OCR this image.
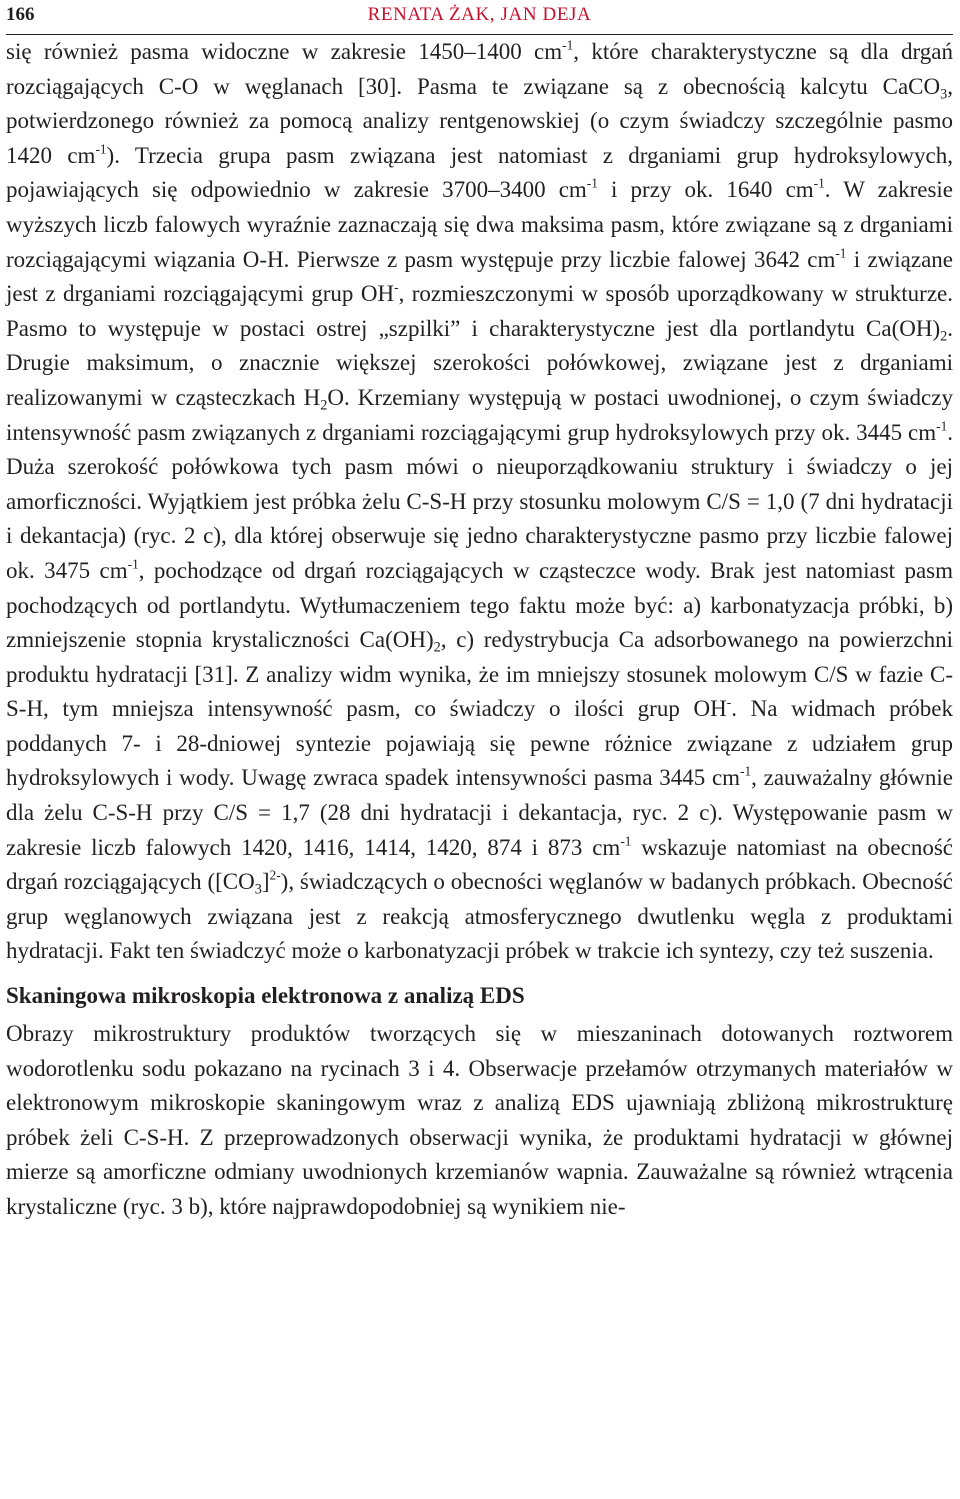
166	RENATA ŻAK, JAN DEJA

się również pasma widoczne w zakresie 1450–1400 $cm^{-1}$, które charakterystyczne są dla drgań rozciągających C-O w węglanach [30]. Pasma te związane są z obecnością kalcytu CaCO$_3$, potwierdzonego również za pomocą analizy rentgenowskiej (o czym świadczy szczególnie pasmo 1420 $cm^{-1}$). Trzecia grupa pasm związana jest natomiast z drganiami grup hydroksylowych, pojawiających się odpowiednio w zakresie 3700–3400 $cm^{-1}$ i przy ok. 1640 $cm^{-1}$. W zakresie wyższych liczb falowych wyraźnie zaznaczają się dwa maksima pasm, które związane są z drganiami rozciągającymi wiązania O-H. Pierwsze z pasm występuje przy liczbie falowej 3642 $cm^{-1}$ i związane jest z drganiami rozciągającymi grup OH-, rozmieszczonymi w sposób uporządkowany w strukturze. Pasmo to występuje w postaci ostrej „szpilki” i charakterystyczne jest dla portlandytu $Ca(OH)_2$. Drugie maksimum, o znacznie większej szerokości połówkowej, związane jest z drganiami realizowanymi w cząsteczkach $H_2O$. Krzemiany występują w postaci uwodnionej, o czym świadczy intensywność pasm związanych z drganiami rozciągającymi grup hydroksylowych przy ok. 3445 $cm^{-1}$. Duża szerokość połówkowa tych pasm mówi o nieuporządkowaniu struktury i świadczy o jej amorficzności. Wyjątkiem jest próbka żelu C-S-H przy stosunku molowym C/S = 1,0 (7 dni hydratacji i dekantacja) (ryc. 2 c), dla której obserwuje się jedno charakterystyczne pasmo przy liczbie falowej ok. 3475 $cm^{-1}$, pochodzące od drgań rozciągających w cząsteczce wody. Brak jest natomiast pasm pochodzących od portlandytu. Wytłumaczeniem tego faktu może być: a) karbonatyzacja próbki, b) zmniejszenie stopnia krystaliczności $Ca(OH)_2$, c) redystrybucja Ca adsorbowanego na powierzchni produktu hydratacji [31]. Z analizy widm wynika, że im mniejszy stosunek molowym C/S w fazie C-S-H, tym mniejsza intensywność pasm, co świadczy o ilości grup OH-. Na widmach próbek poddanych 7- i 28-dniowej syntezie pojawiają się pewne różnice związane z udziałem grup hydroksylowych i wody. Uwagę zwraca spadek intensywności pasma 3445 $cm^{-1}$, zauważalny głównie dla żelu C-S-H przy C/S = 1,7 (28 dni hydratacji i dekantacja, ryc. 2 c). Występowanie pasm w zakresie liczb falowych 1420, 1416, 1414, 1420, 874 i 873 $cm^{-1}$ wskazuje natomiast na obecność drgań rozciągających $([CO_3]^{2-})$, świadczących o obecności węglanów w badanych próbkach. Obecność grup węglanowych związana jest z reakcją atmosferycznego dwutlenku węgla z produktami hydratacji. Fakt ten świadczyć może o karbonatyzacji próbek w trakcie ich syntezy, czy też suszenia.

Skaningowa mikroskopia elektronowa z analizą EDS

Obrazy mikrostruktury produktów tworzących się w mieszaninach dotowanych roztworem wodorotlenku sodu pokazano na rycinach 3 i 4. Obserwacje przełamów otrzymanych materiałów w elektronowym mikroskopie skaningowym wraz z analizą EDS ujawniają zbliżoną mikrostrukturę próbek żeli C-S-H. Z przeprowadzonych obserwacji wynika, że produktami hydratacji w głównej mierze są amorficzne odmiany uwodnionych krzemianów wapnia. Zauważalne są również wtrącenia krystaliczne (ryc. 3 b), które najprawdopodobniej są wynikiem nie-
